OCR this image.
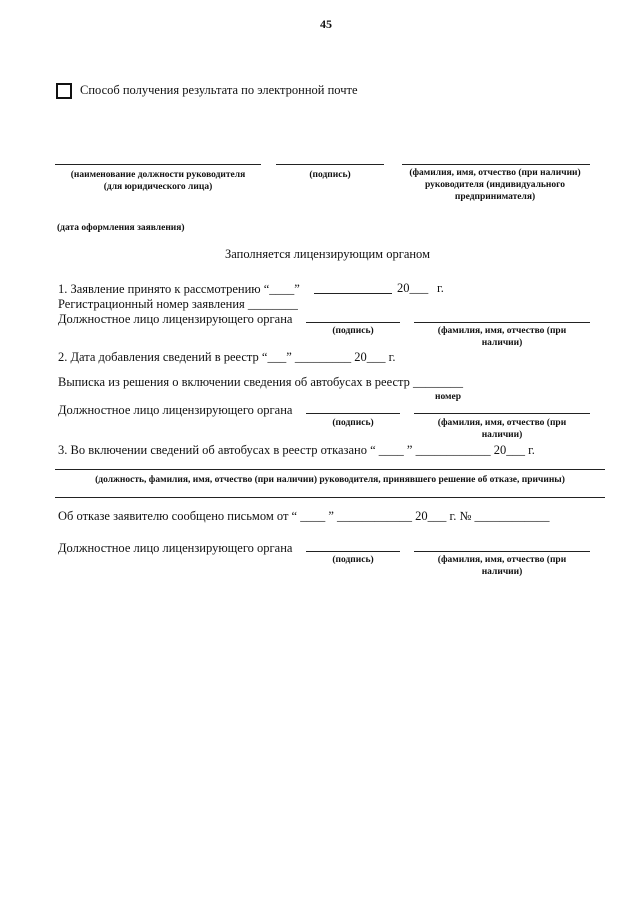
45
Способ получения результата по электронной почте
(наименование должности руководителя
(для юридического лица)
(подпись)	(фамилия, имя, отчество (при наличии)
руководителя (индивидуального
предпринимателя)
(дата оформления заявления)
Заполняется лицензирующим органом
1. Заявление принято к рассмотрению “____”	20___ г.
Регистрационный номер заявления ________
Должностное лицо лицензирующего органа
(подпись)	(фамилия, имя, отчество (при
наличии)
2. Дата добавления сведений в реестр “___” _________ 20___ г.
Выписка из решения о включении сведения об автобусах в реестр ________
номер
Должностное лицо лицензирующего органа
(подпись)	(фамилия, имя, отчество (при
наличии)
3. Во включении сведений об автобусах в реестр отказано “ ____ ” ____________ 20___ г.
(должность, фамилия, имя, отчество (при наличии) руководителя, принявшего решение об отказе, причины)
Об отказе заявителю сообщено письмом от “ ____ ” ____________ 20___ г. № ____________
Должностное лицо лицензирующего органа
(подпись)	(фамилия, имя, отчество (при
наличии)
